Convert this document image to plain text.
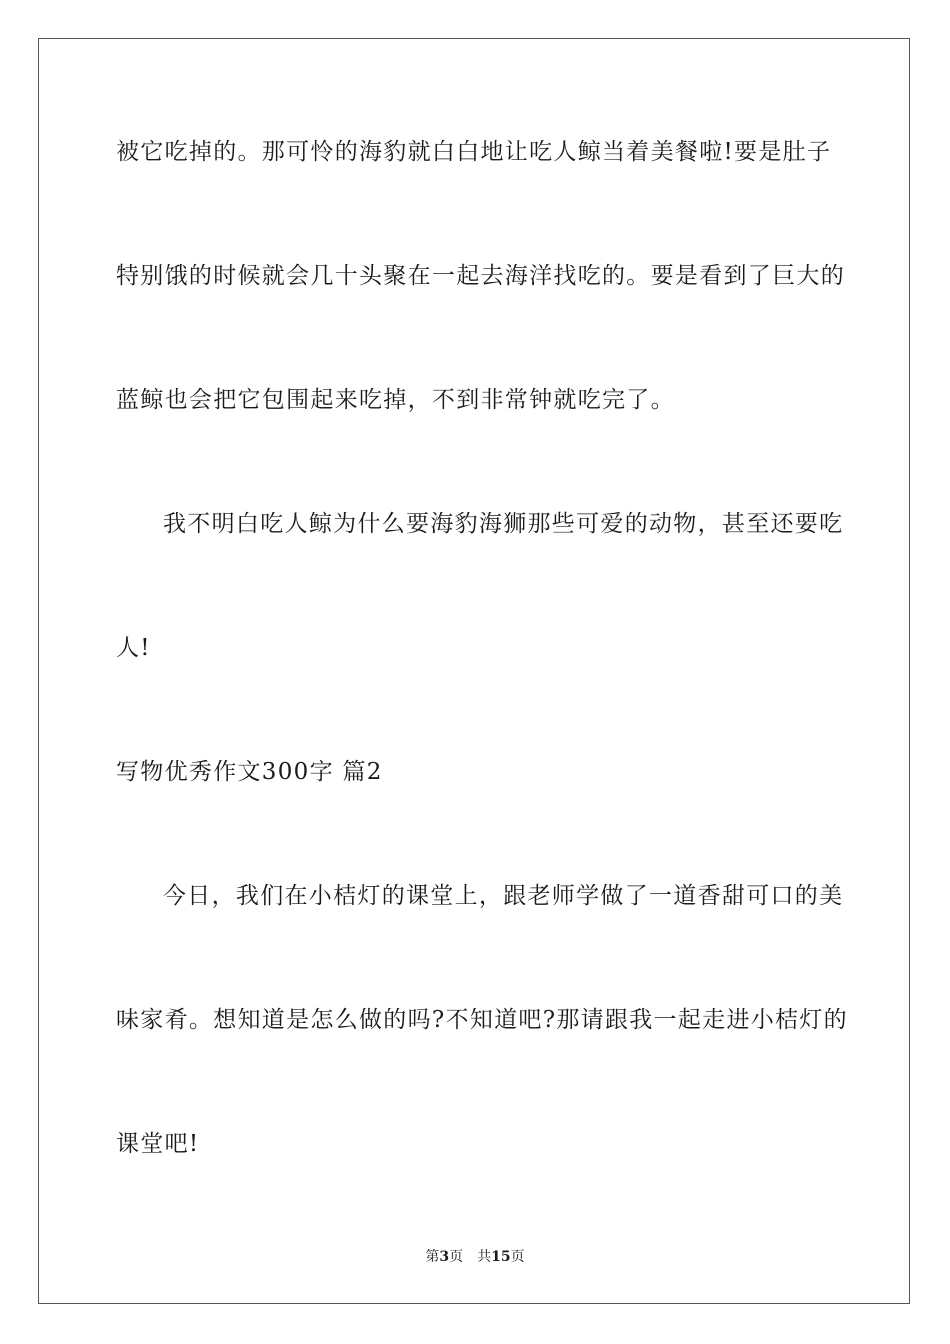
被它吃掉的。那可怜的海豹就白白地让吃人鲸当着美餐啦!要是肚子
特别饿的时候就会几十头聚在一起去海洋找吃的。要是看到了巨大的
蓝鲸也会把它包围起来吃掉，不到非常钟就吃完了。
我不明白吃人鲸为什么要海豹海狮那些可爱的动物，甚至还要吃
人!
写物优秀作文300字 篇2
今日，我们在小桔灯的课堂上，跟老师学做了一道香甜可口的美
味家肴。想知道是怎么做的吗?不知道吧?那请跟我一起走进小桔灯的
课堂吧!
第3页 共15页
